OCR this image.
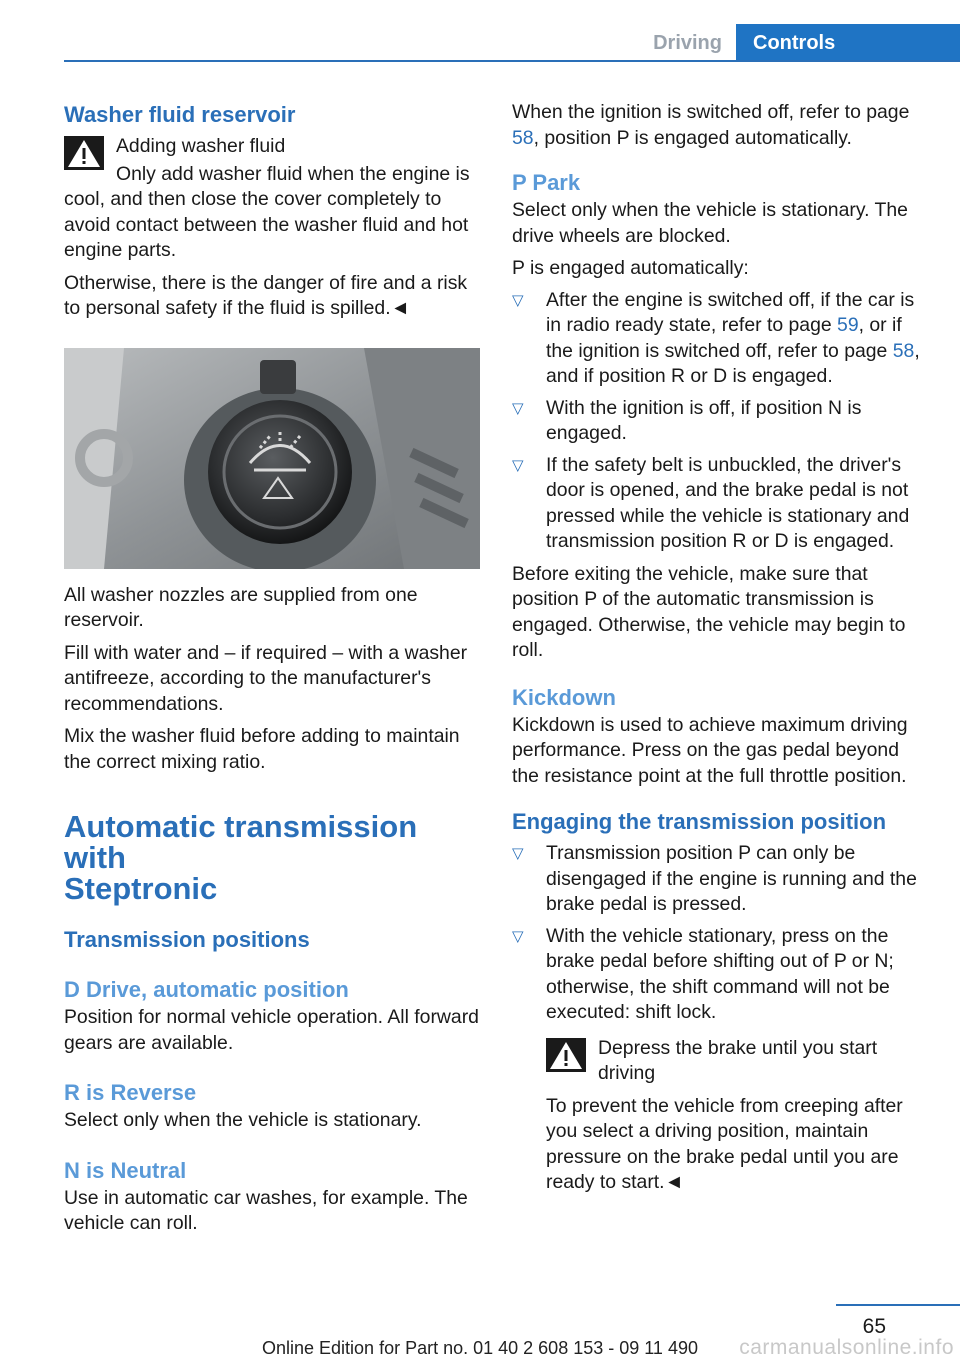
Driving	Controls
Washer fluid reservoir

Adding washer fluid

Only add washer fluid when the engine is cool, and then close the cover completely to avoid contact between the washer fluid and hot engine parts.

Otherwise, there is the danger of fire and a risk to personal safety if the fluid is spilled.◄

All washer nozzles are supplied from one reservoir.

Fill with water and – if required – with a washer antifreeze, according to the manufacturer's recommendations.

Mix the washer fluid before adding to maintain the correct mixing ratio.

Automatic transmission with
Steptronic
Transmission positions
D Drive, automatic position

Position for normal vehicle operation. All forward gears are available.

R is Reverse

Select only when the vehicle is stationary.

N is Neutral

Use in automatic car washes, for example. The vehicle can roll.

When the ignition is switched off, refer to page 58, position P is engaged automatically.

P Park

Select only when the vehicle is stationary. The drive wheels are blocked.

P is engaged automatically:

▽ After the engine is switched off, if the car is in radio ready state, refer to page 59, or if the ignition is switched off, refer to page 58, and if position R or D is engaged.
▽ With the ignition is off, if position N is engaged.
▽ If the safety belt is unbuckled, the driver's door is opened, and the brake pedal is not pressed while the vehicle is stationary and transmission position R or D is engaged.

Before exiting the vehicle, make sure that position P of the automatic transmission is engaged. Otherwise, the vehicle may begin to roll.

Kickdown

Kickdown is used to achieve maximum driving performance. Press on the gas pedal beyond the resistance point at the full throttle position.

Engaging the transmission position
▽ Transmission position P can only be disengaged if the engine is running and the brake pedal is pressed.
▽ With the vehicle stationary, press on the brake pedal before shifting out of P or N; otherwise, the shift command will not be executed: shift lock.

Depress the brake until you start driving

To prevent the vehicle from creeping after you select a driving position, maintain pressure on the brake pedal until you are ready to start.◄

65
Online Edition for Part no. 01 40 2 608 153 - 09 11 490	carmanualsonline.info
